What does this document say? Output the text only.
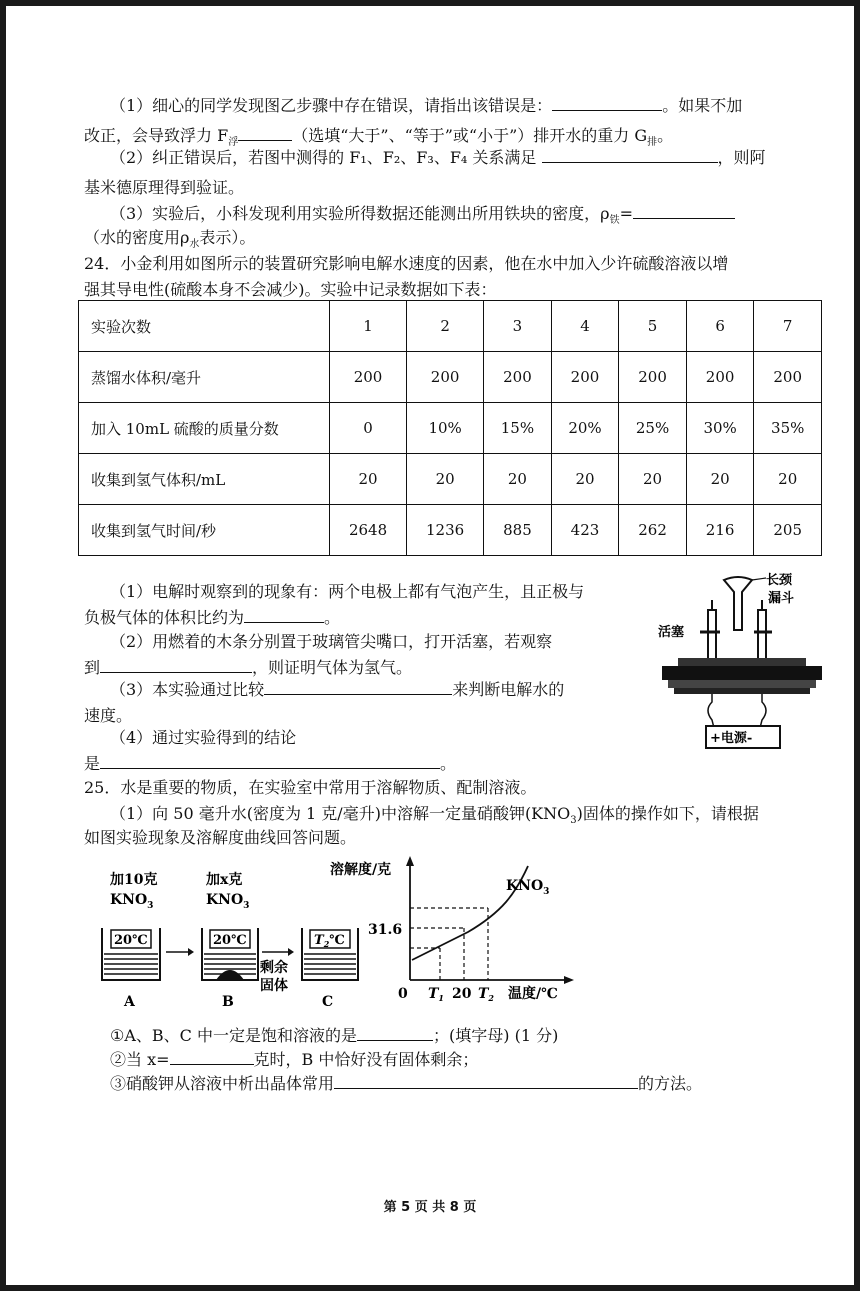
（1）细心的同学发现图乙步骤中存在错误，请指出该错误是：	。如果不加
改正，会导致浮力 $F_浮$	（选填“大于”、“等于”或“小于”）排开水的重力 $G_排$。
（2）纠正错误后，若图中测得的 F₁、F₂、F₃、F₄ 关系满足	，则阿
基米德原理得到验证。
（3）实验后，小科发现利用实验所得数据还能测出所用铁块的密度，$\rho_铁=$
（水的密度用$\rho_水$表示）。
24．小金利用如图所示的装置研究影响电解水速度的因素，他在水中加入少许硫酸溶液以增
强其导电性(硫酸本身不会减少)。实验中记录数据如下表：
实验次数	1	2	3	4	5	6	7
蒸馏水体积/毫升	200	200	200	200	200	200	200
加入 10mL 硫酸的质量分数	0	10%	15%	20%	25%	30%	35%
收集到氢气体积/mL	20	20	20	20	20	20	20
收集到氢气时间/秒	2648	1236	885	423	262	216	205
（1）电解时观察到的现象有：两个电极上都有气泡产生，且正极与
负极气体的体积比约为	。
（2）用燃着的木条分别置于玻璃管尖嘴口，打开活塞，若观察
到	，则证明气体为氢气。
（3）本实验通过比较	来判断电解水的
速度。
（4）通过实验得到的结论
是	。
长颈
漏斗
活塞
+电源-
25．水是重要的物质，在实验室中常用于溶解物质、配制溶液。
（1）向 50 毫升水(密度为 1 克/毫升)中溶解一定量硝酸钾$(KNO_3)$固体的操作如下，请根据
如图实验现象及溶解度曲线回答问题。
加10克
$KNO_3$
20℃
A
加x克
$KNO_3$
20℃
B
剩余
固体
$T_2℃$
C
溶解度/克
$KNO_3$
31.6
0 $T_1$ 20 $T_2$ 温度/℃
①A、B、C 中一定是饱和溶液的是	；(填字母) (1 分)
②当 x=	克时，B 中恰好没有固体剩余；
③硝酸钾从溶液中析出晶体常用	的方法。
第 5 页 共 8 页
